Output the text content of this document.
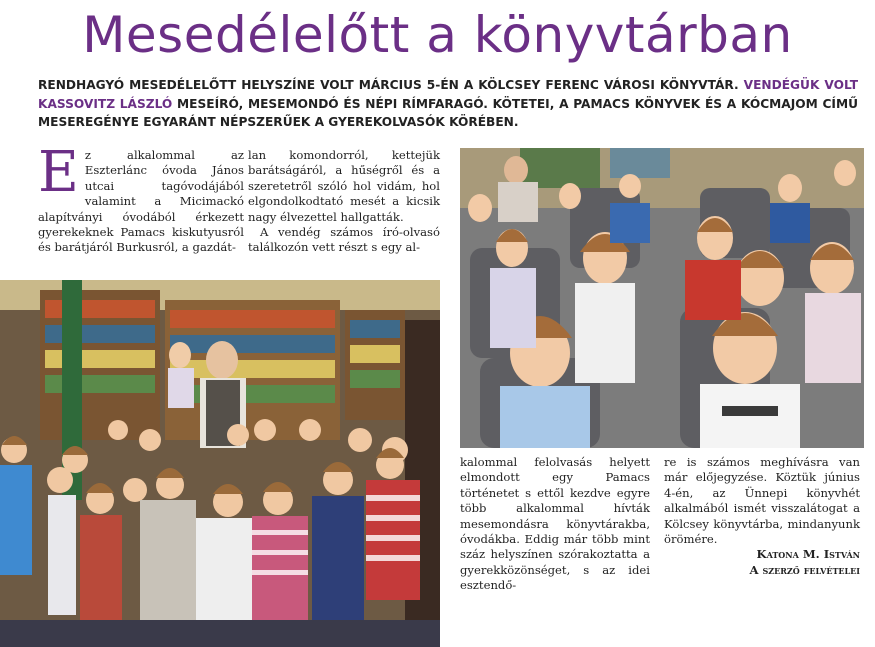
Mesedélelőtt a könyvtárban
RENDHAGYÓ MESEDÉLELŐTT HELYSZÍNE VOLT MÁRCIUS 5-ÉN A KÖLCSEY FERENC VÁROSI KÖNYVTÁR. VENDÉGÜK VOLT KASSOVITZ LÁSZLÓ MESEÍRÓ, MESEMONDÓ ÉS NÉPI RÍMFARAGÓ. KÖTETEI, A PAMACS KÖNYVEK ÉS A KÓCMAJOM CÍMŰ MESEREGÉNYE EGYARÁNT NÉPSZERŰEK A GYEREKOLVASÓK KÖRÉBEN.
E z alkalommal az Eszterlánc óvoda János utcai tagóvodájából valamint a Micimackó alapítványi óvodából érkezett gyerekeknek Pamacs kiskutyusról és barátjáról Burkusról, a gazdát-

lan komondorról, kettejük barátságáról, a hűségről és a szeretetről szóló hol vidám, hol elgondolkodtató mesét a kicsik nagy élvezettel hallgatták.

A vendég számos író-olvasó találkozón vett részt s egy al-

kalommal felolvasás helyett elmondott egy Pamacs történetet s ettől kezdve egyre több alkalommal hívták mesemondásra könyvtárakba, óvodákba. Eddig már több mint száz helyszínen szórakoztatta a gyerekközönséget, s az idei esztendő-

re is számos meghívásra van már előjegyzése. Köztük június 4-én, az Ünnepi könyvhét alkalmából ismét visszalátogat a Kölcsey könyvtárba, mindanyunk örömére.

Katona M. István

A szerző felvételei
